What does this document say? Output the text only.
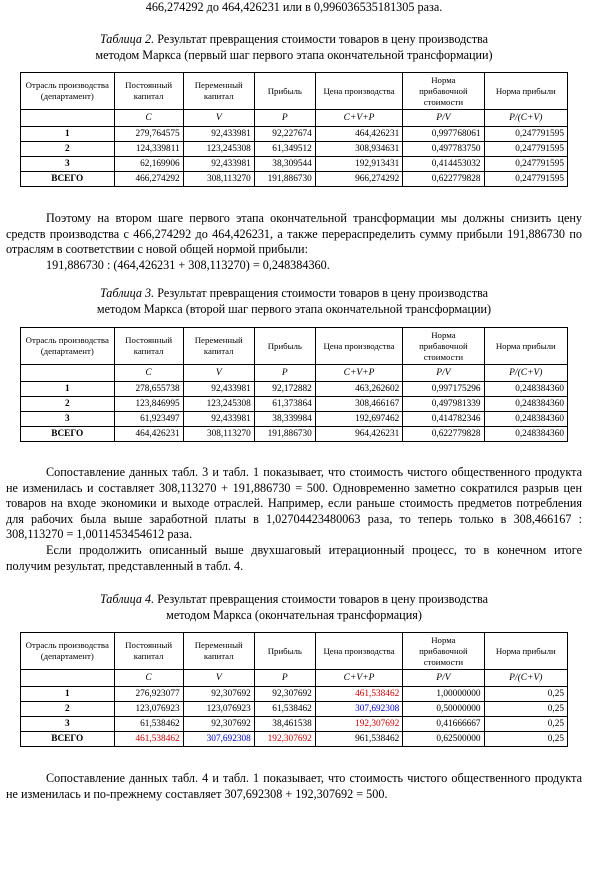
466,274292 до 464,426231 или в 0,996036535181305 раза.
Таблица 2. Результат превращения стоимости товаров в цену производства
методом Маркса (первый шаг первого этапа окончательной трансформации)
Отрасль производства (департамент)	Постоянный капитал	Переменный капитал	Прибыль	Цена производства	Норма прибавочной стоимости	Норма прибыли
	C	V	P	C+V+P	P/V	P/(C+V)
1	279,764575	92,433981	92,227674	464,426231	0,997768061	0,247791595
2	124,339811	123,245308	61,349512	308,934631	0,497783750	0,247791595
3	62,169906	92,433981	38,309544	192,913431	0,414453032	0,247791595
ВСЕГО	466,274292	308,113270	191,886730	966,274292	0,622779828	0,247791595
Поэтому на втором шаге первого этапа окончательной трансформации мы должны снизить цену средств производства с 466,274292 до 464,426231, а также перераспределить сумму прибыли 191,886730 по отраслям в соответствии с новой общей нормой прибыли:
191,886730 : (464,426231 + 308,113270) = 0,248384360.
Таблица 3. Результат превращения стоимости товаров в цену производства
методом Маркса (второй шаг первого этапа окончательной трансформации)
Отрасль производства (департамент)	Постоянный капитал	Переменный капитал	Прибыль	Цена производства	Норма прибавочной стоимости	Норма прибыли
	C	V	P	C+V+P	P/V	P/(C+V)
1	278,655738	92,433981	92,172882	463,262602	0,997175296	0,248384360
2	123,846995	123,245308	61,373864	308,466167	0,497981339	0,248384360
3	61,923497	92,433981	38,339984	192,697462	0,414782346	0,248384360
ВСЕГО	464,426231	308,113270	191,886730	964,426231	0,622779828	0,248384360
Сопоставление данных табл. 3 и табл. 1 показывает, что стоимость чистого общественного продукта не изменилась и составляет 308,113270 + 191,886730 = 500. Одновременно заметно сократился разрыв цен товаров на входе экономики и выходе отраслей. Например, если раньше стоимость предметов потребления для рабочих была выше заработной платы в 1,02704423480063 раза, то теперь только в 308,466167 : 308,113270 = 1,0011453454612 раза.
Если продолжить описанный выше двухшаговый итерационный процесс, то в конечном итоге получим результат, представленный в табл. 4.
Таблица 4. Результат превращения стоимости товаров в цену производства
методом Маркса (окончательная трансформация)
Отрасль производства (департамент)	Постоянный капитал	Переменный капитал	Прибыль	Цена производства	Норма прибавочной стоимости	Норма прибыли
	C	V	P	C+V+P	P/V	P/(C+V)
1	276,923077	92,307692	92,307692	461,538462	1,00000000	0,25
2	123,076923	123,076923	61,538462	307,692308	0,50000000	0,25
3	61,538462	92,307692	38,461538	192,307692	0,41666667	0,25
ВСЕГО	461,538462	307,692308	192,307692	961,538462	0,62500000	0,25
Сопоставление данных табл. 4 и табл. 1 показывает, что стоимость чистого общественного продукта не изменилась и по-прежнему составляет 307,692308 + 192,307692 = 500.
